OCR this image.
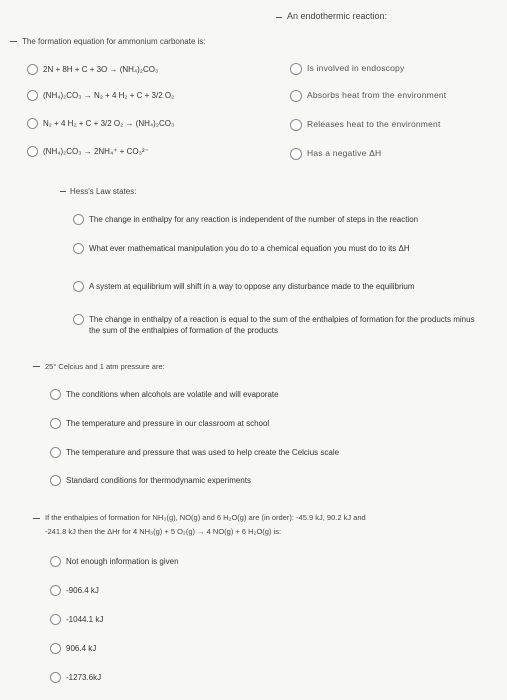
The formation equation for ammonium carbonate is:
2N + 8H + C + 3O → (NH₄)₂CO₃
(NH₄)₂CO₃ → N₂ + 4 H₂ + C + 3/2 O₂
N₂ + 4 H₂ + C + 3/2 O₂ → (NH₄)₂CO₃
(NH₄)₂CO₃ → 2NH₄⁺ + CO₃²⁻
An endothermic reaction:
Is involved in endoscopy
Absorbs heat from the environment
Releases heat to the environment
Has a negative ΔH
Hess's Law states:
The change in enthalpy for any reaction is independent of the number of steps in the reaction
What ever mathematical manipulation you do to a chemical equation you must do to its ΔH
A system at equilibrium will shift in a way to oppose any disturbance made to the equilibrium
The change in enthalpy of a reaction is equal to the sum of the enthalpies of formation for the products minus the sum of the enthalpies of formation of the products
25° Celcius and 1 atm pressure are:
The conditions when alcohols are volatile and will evaporate
The temperature and pressure in our classroom at school
The temperature and pressure that was used to help create the Celcius scale
Standard conditions for thermodynamic experiments
If the enthalpies of formation for NH₃(g), NO(g) and 6 H₂O(g) are (in order): -45.9 kJ, 90.2 kJ and
-241.8 kJ then the ΔHr for 4 NH₃(g) + 5 O₂(g) → 4 NO(g) + 6 H₂O(g) is:
Not enough information is given
-906.4 kJ
-1044.1 kJ
906.4 kJ
-1273.6kJ
